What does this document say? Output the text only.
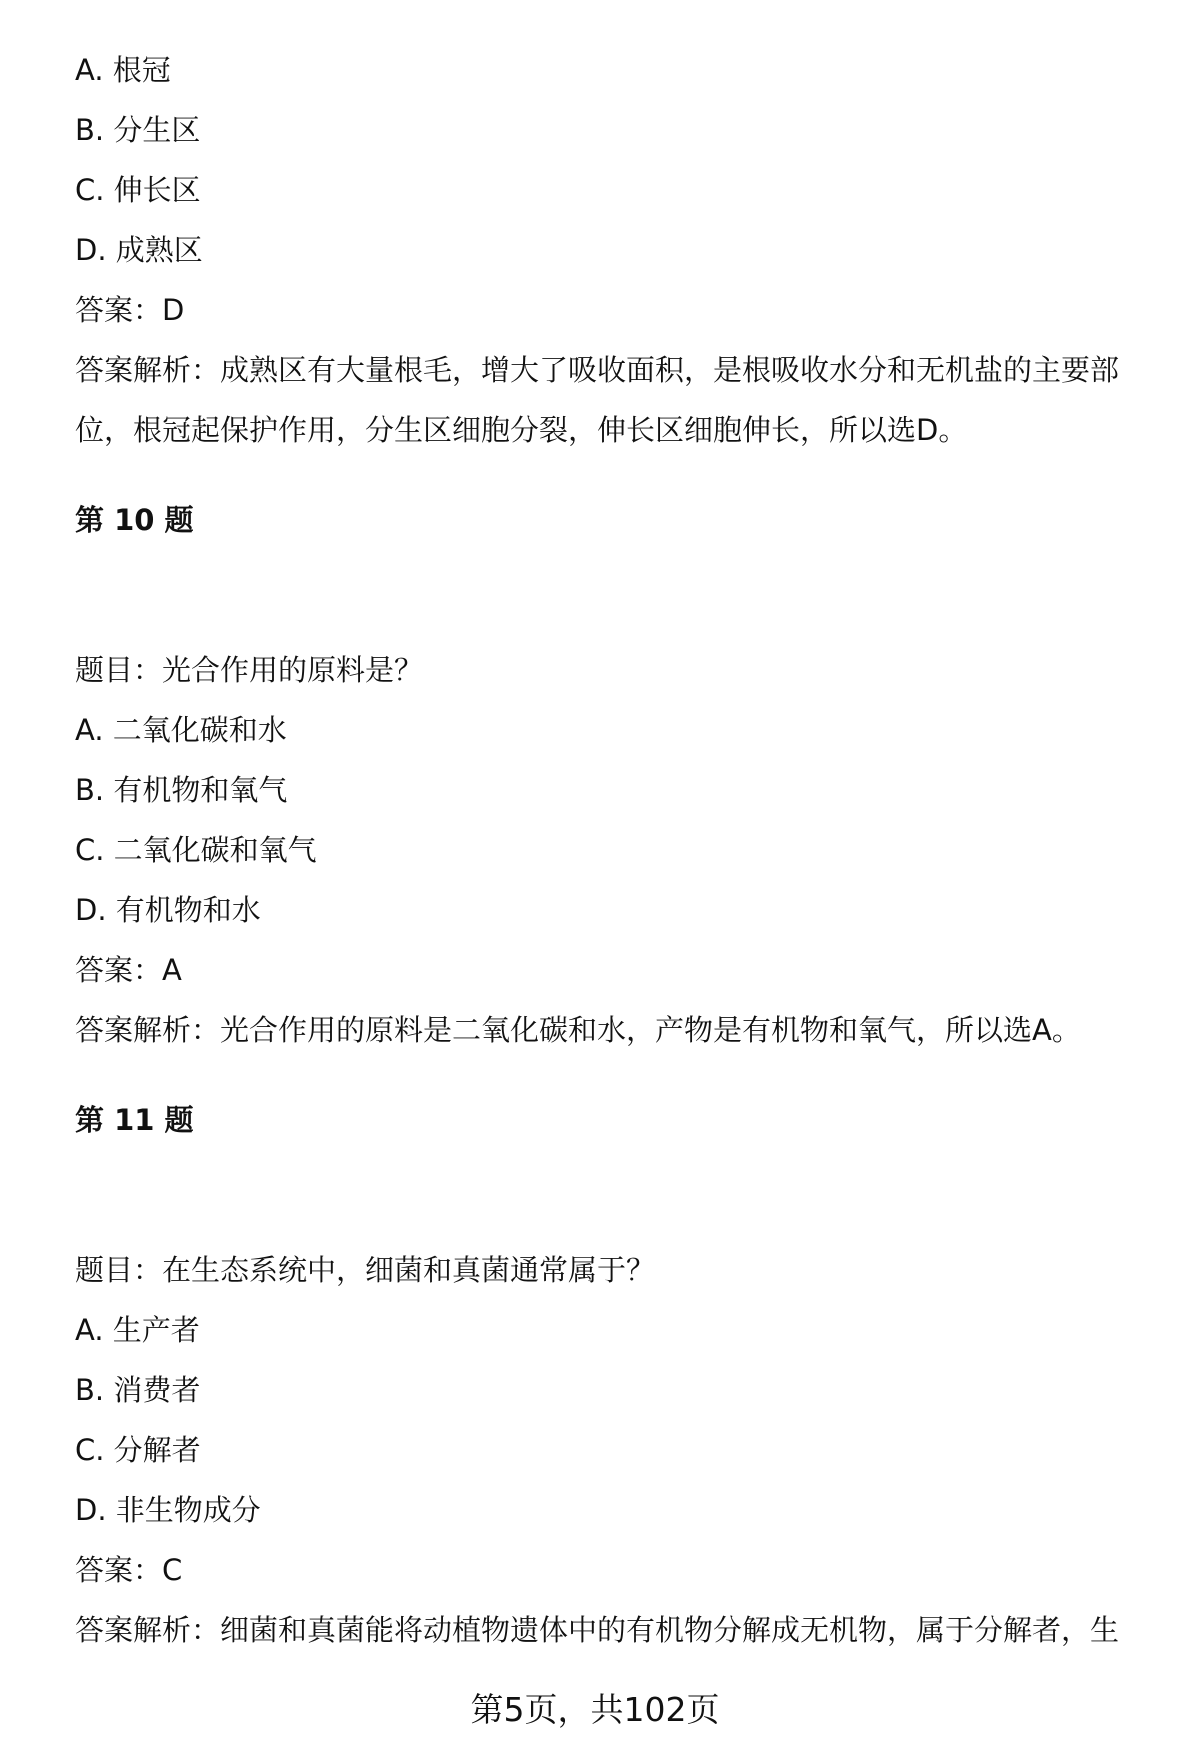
A. 根冠
B. 分生区
C. 伸长区
D. 成熟区
答案：D
答案解析：成熟区有大量根毛，增大了吸收面积，是根吸收水分和无机盐的主要部
位，根冠起保护作用，分生区细胞分裂，伸长区细胞伸长，所以选D。
第 10 题
题目：光合作用的原料是？
A. 二氧化碳和水
B. 有机物和氧气
C. 二氧化碳和氧气
D. 有机物和水
答案：A
答案解析：光合作用的原料是二氧化碳和水，产物是有机物和氧气，所以选A。
第 11 题
题目：在生态系统中，细菌和真菌通常属于？
A. 生产者
B. 消费者
C. 分解者
D. 非生物成分
答案：C
答案解析：细菌和真菌能将动植物遗体中的有机物分解成无机物，属于分解者，生
第5页，共102页
